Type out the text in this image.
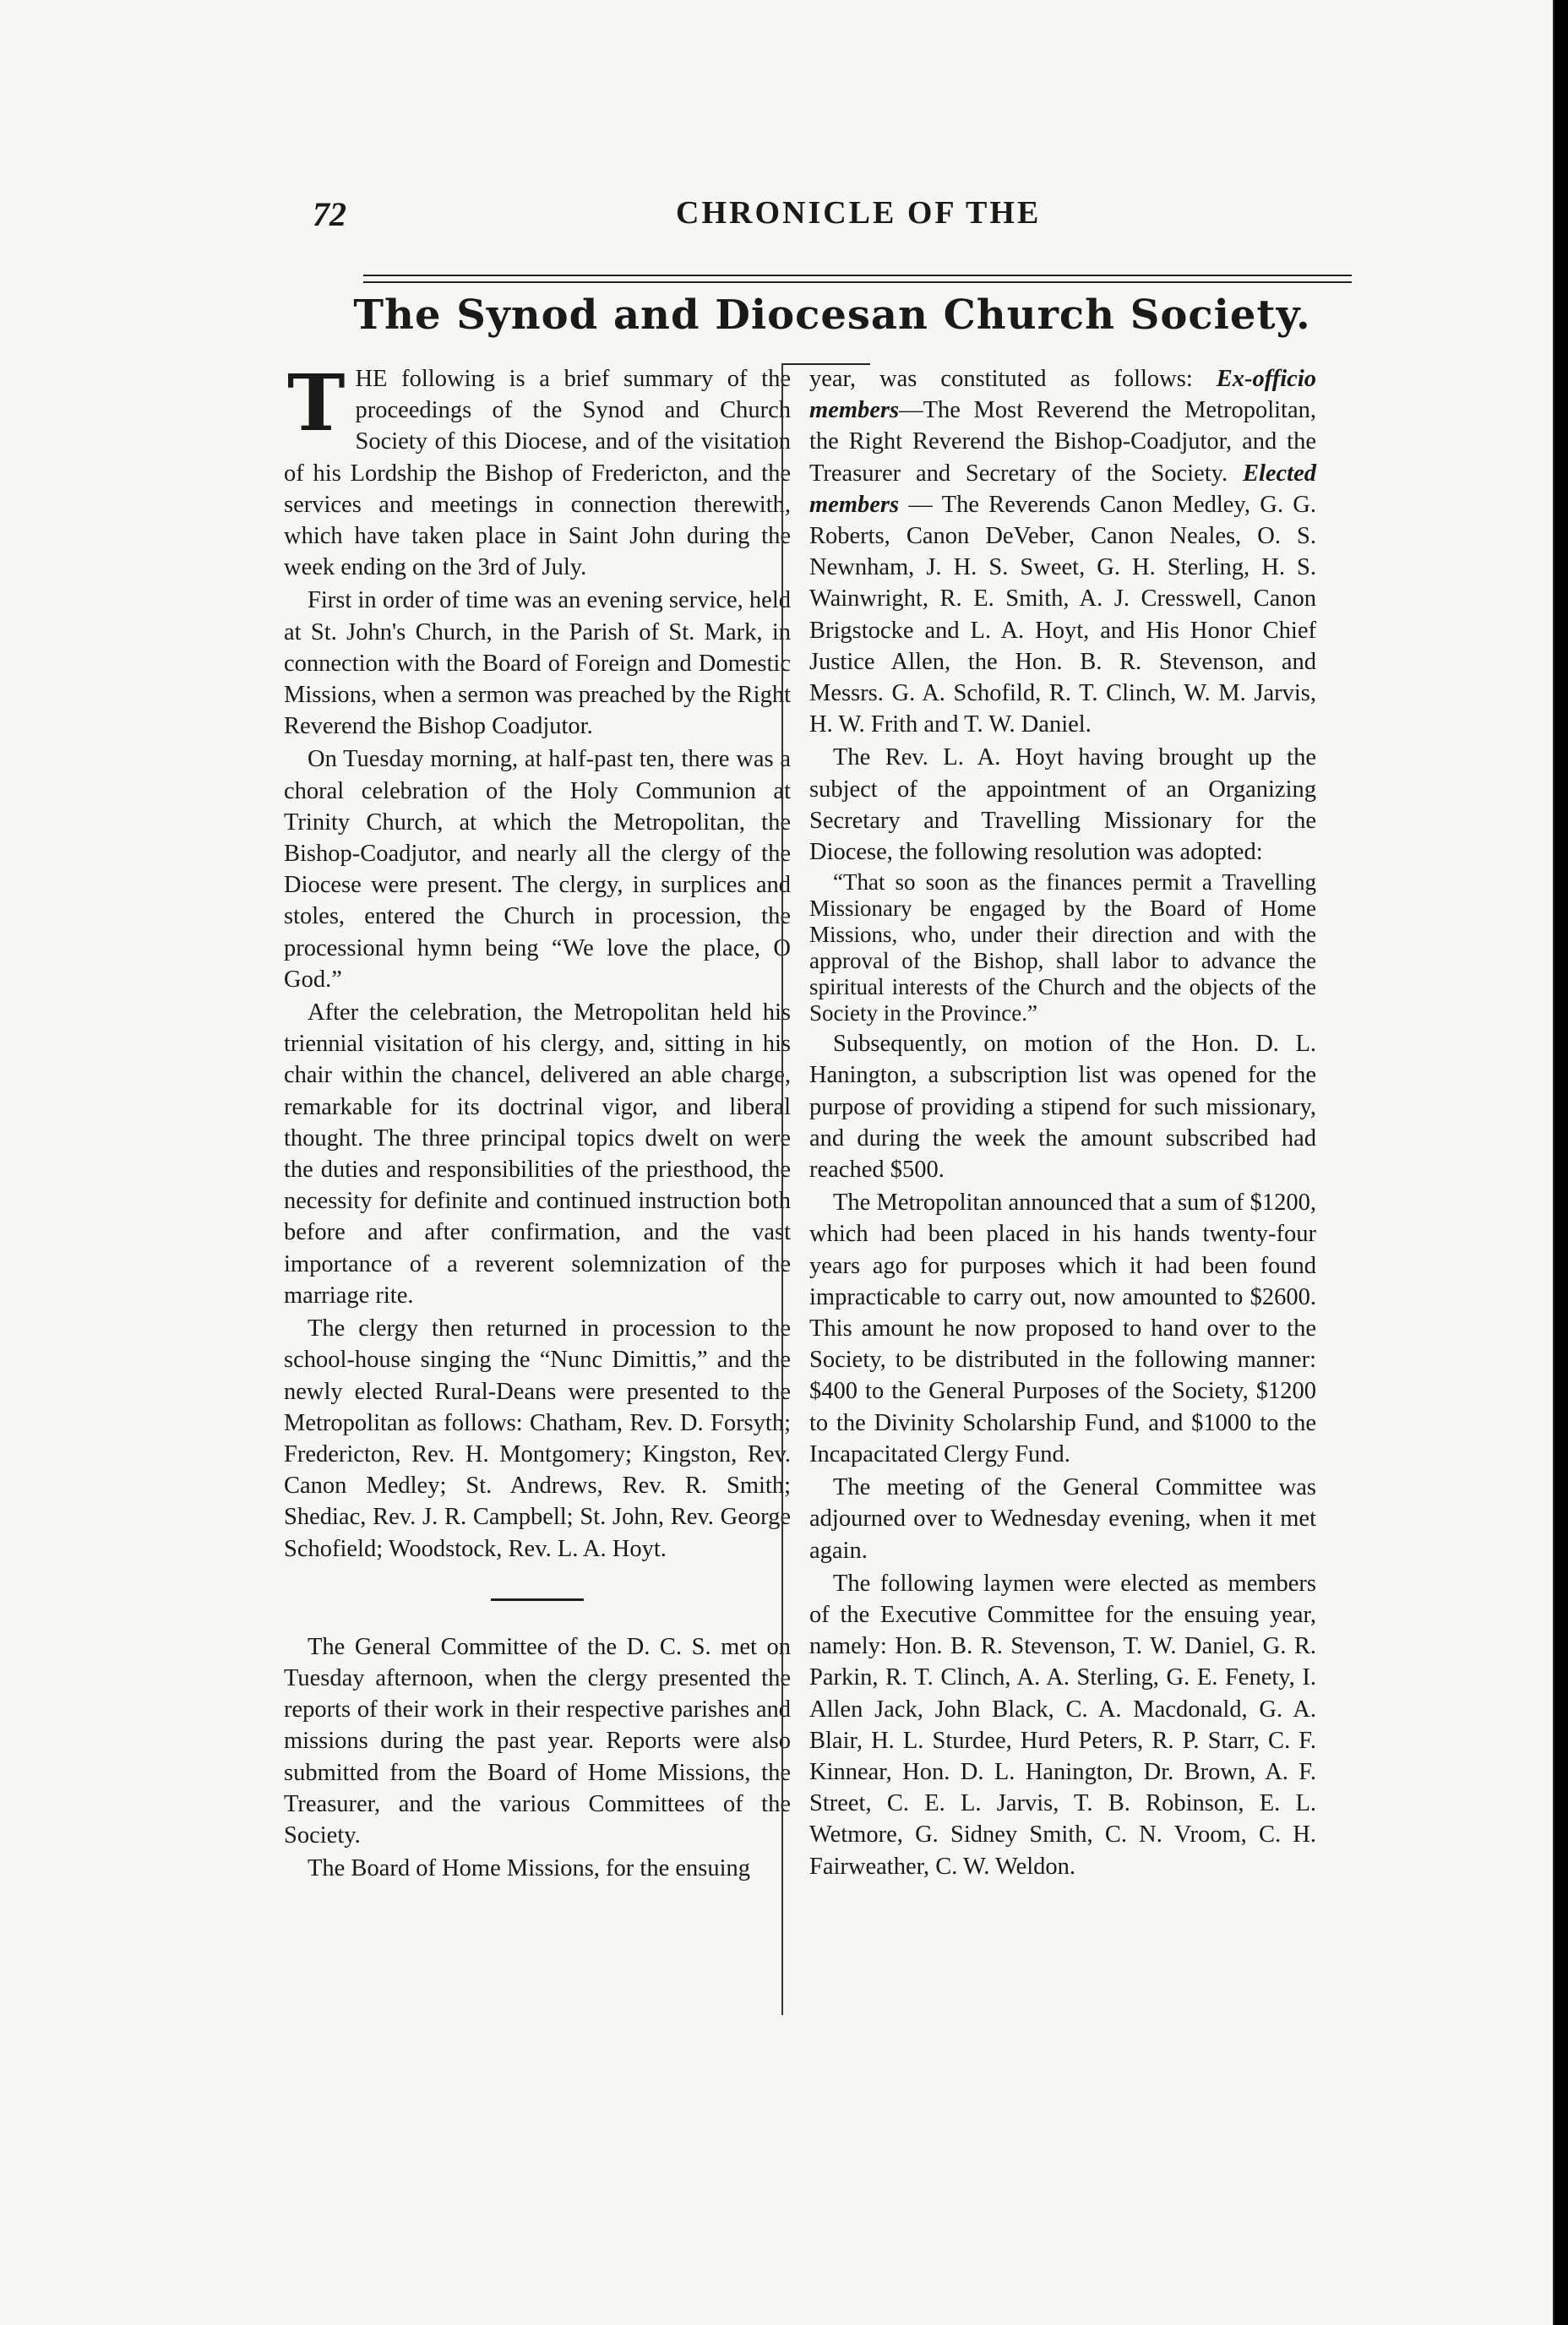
72	CHRONICLE OF THE
The Synod and Diocesan Church Society.

THE following is a brief summary of the proceedings of the Synod and Church Society of this Diocese, and of the visitation of his Lordship the Bishop of Fredericton, and the services and meetings in connection therewith, which have taken place in Saint John during the week ending on the 3rd of July.

First in order of time was an evening service, held at St. John's Church, in the Parish of St. Mark, in connection with the Board of Foreign and Domestic Missions, when a sermon was preached by the Right Reverend the Bishop Coadjutor.

On Tuesday morning, at half-past ten, there was a choral celebration of the Holy Communion at Trinity Church, at which the Metropolitan, the Bishop-Coadjutor, and nearly all the clergy of the Diocese were present. The clergy, in surplices and stoles, entered the Church in procession, the processional hymn being “We love the place, O God.”

After the celebration, the Metropolitan held his triennial visitation of his clergy, and, sitting in his chair within the chancel, delivered an able charge, remarkable for its doctrinal vigor, and liberal thought. The three principal topics dwelt on were the duties and responsibilities of the priesthood, the necessity for definite and continued instruction both before and after confirmation, and the vast importance of a reverent solemnization of the marriage rite.

The clergy then returned in procession to the school-house singing the “Nunc Dimittis,” and the newly elected Rural-Deans were presented to the Metropolitan as follows: Chatham, Rev. D. Forsyth; Fredericton, Rev. H. Montgomery; Kingston, Rev. Canon Medley; St. Andrews, Rev. R. Smith; Shediac, Rev. J. R. Campbell; St. John, Rev. George Schofield; Woodstock, Rev. L. A. Hoyt.

The General Committee of the D. C. S. met on Tuesday afternoon, when the clergy presented the reports of their work in their respective parishes and missions during the past year. Reports were also submitted from the Board of Home Missions, the Treasurer, and the various Committees of the Society.

The Board of Home Missions, for the ensuing

year, was constituted as follows: Ex-officio members—The Most Reverend the Metropolitan, the Right Reverend the Bishop-Coadjutor, and the Treasurer and Secretary of the Society. Elected members — The Reverends Canon Medley, G. G. Roberts, Canon DeVeber, Canon Neales, O. S. Newnham, J. H. S. Sweet, G. H. Sterling, H. S. Wainwright, R. E. Smith, A. J. Cresswell, Canon Brigstocke and L. A. Hoyt, and His Honor Chief Justice Allen, the Hon. B. R. Stevenson, and Messrs. G. A. Schofild, R. T. Clinch, W. M. Jarvis, H. W. Frith and T. W. Daniel.

The Rev. L. A. Hoyt having brought up the subject of the appointment of an Organizing Secretary and Travelling Missionary for the Diocese, the following resolution was adopted:

“That so soon as the finances permit a Travelling Missionary be engaged by the Board of Home Missions, who, under their direction and with the approval of the Bishop, shall labor to advance the spiritual interests of the Church and the objects of the Society in the Province.”

Subsequently, on motion of the Hon. D. L. Hanington, a subscription list was opened for the purpose of providing a stipend for such missionary, and during the week the amount subscribed had reached $500.

The Metropolitan announced that a sum of $1200, which had been placed in his hands twenty-four years ago for purposes which it had been found impracticable to carry out, now amounted to $2600. This amount he now proposed to hand over to the Society, to be distributed in the following manner: $400 to the General Purposes of the Society, $1200 to the Divinity Scholarship Fund, and $1000 to the Incapacitated Clergy Fund.

The meeting of the General Committee was adjourned over to Wednesday evening, when it met again.

The following laymen were elected as members of the Executive Committee for the ensuing year, namely: Hon. B. R. Stevenson, T. W. Daniel, G. R. Parkin, R. T. Clinch, A. A. Sterling, G. E. Fenety, I. Allen Jack, John Black, C. A. Macdonald, G. A. Blair, H. L. Sturdee, Hurd Peters, R. P. Starr, C. F. Kinnear, Hon. D. L. Hanington, Dr. Brown, A. F. Street, C. E. L. Jarvis, T. B. Robinson, E. L. Wetmore, G. Sidney Smith, C. N. Vroom, C. H. Fairweather, C. W. Weldon.
